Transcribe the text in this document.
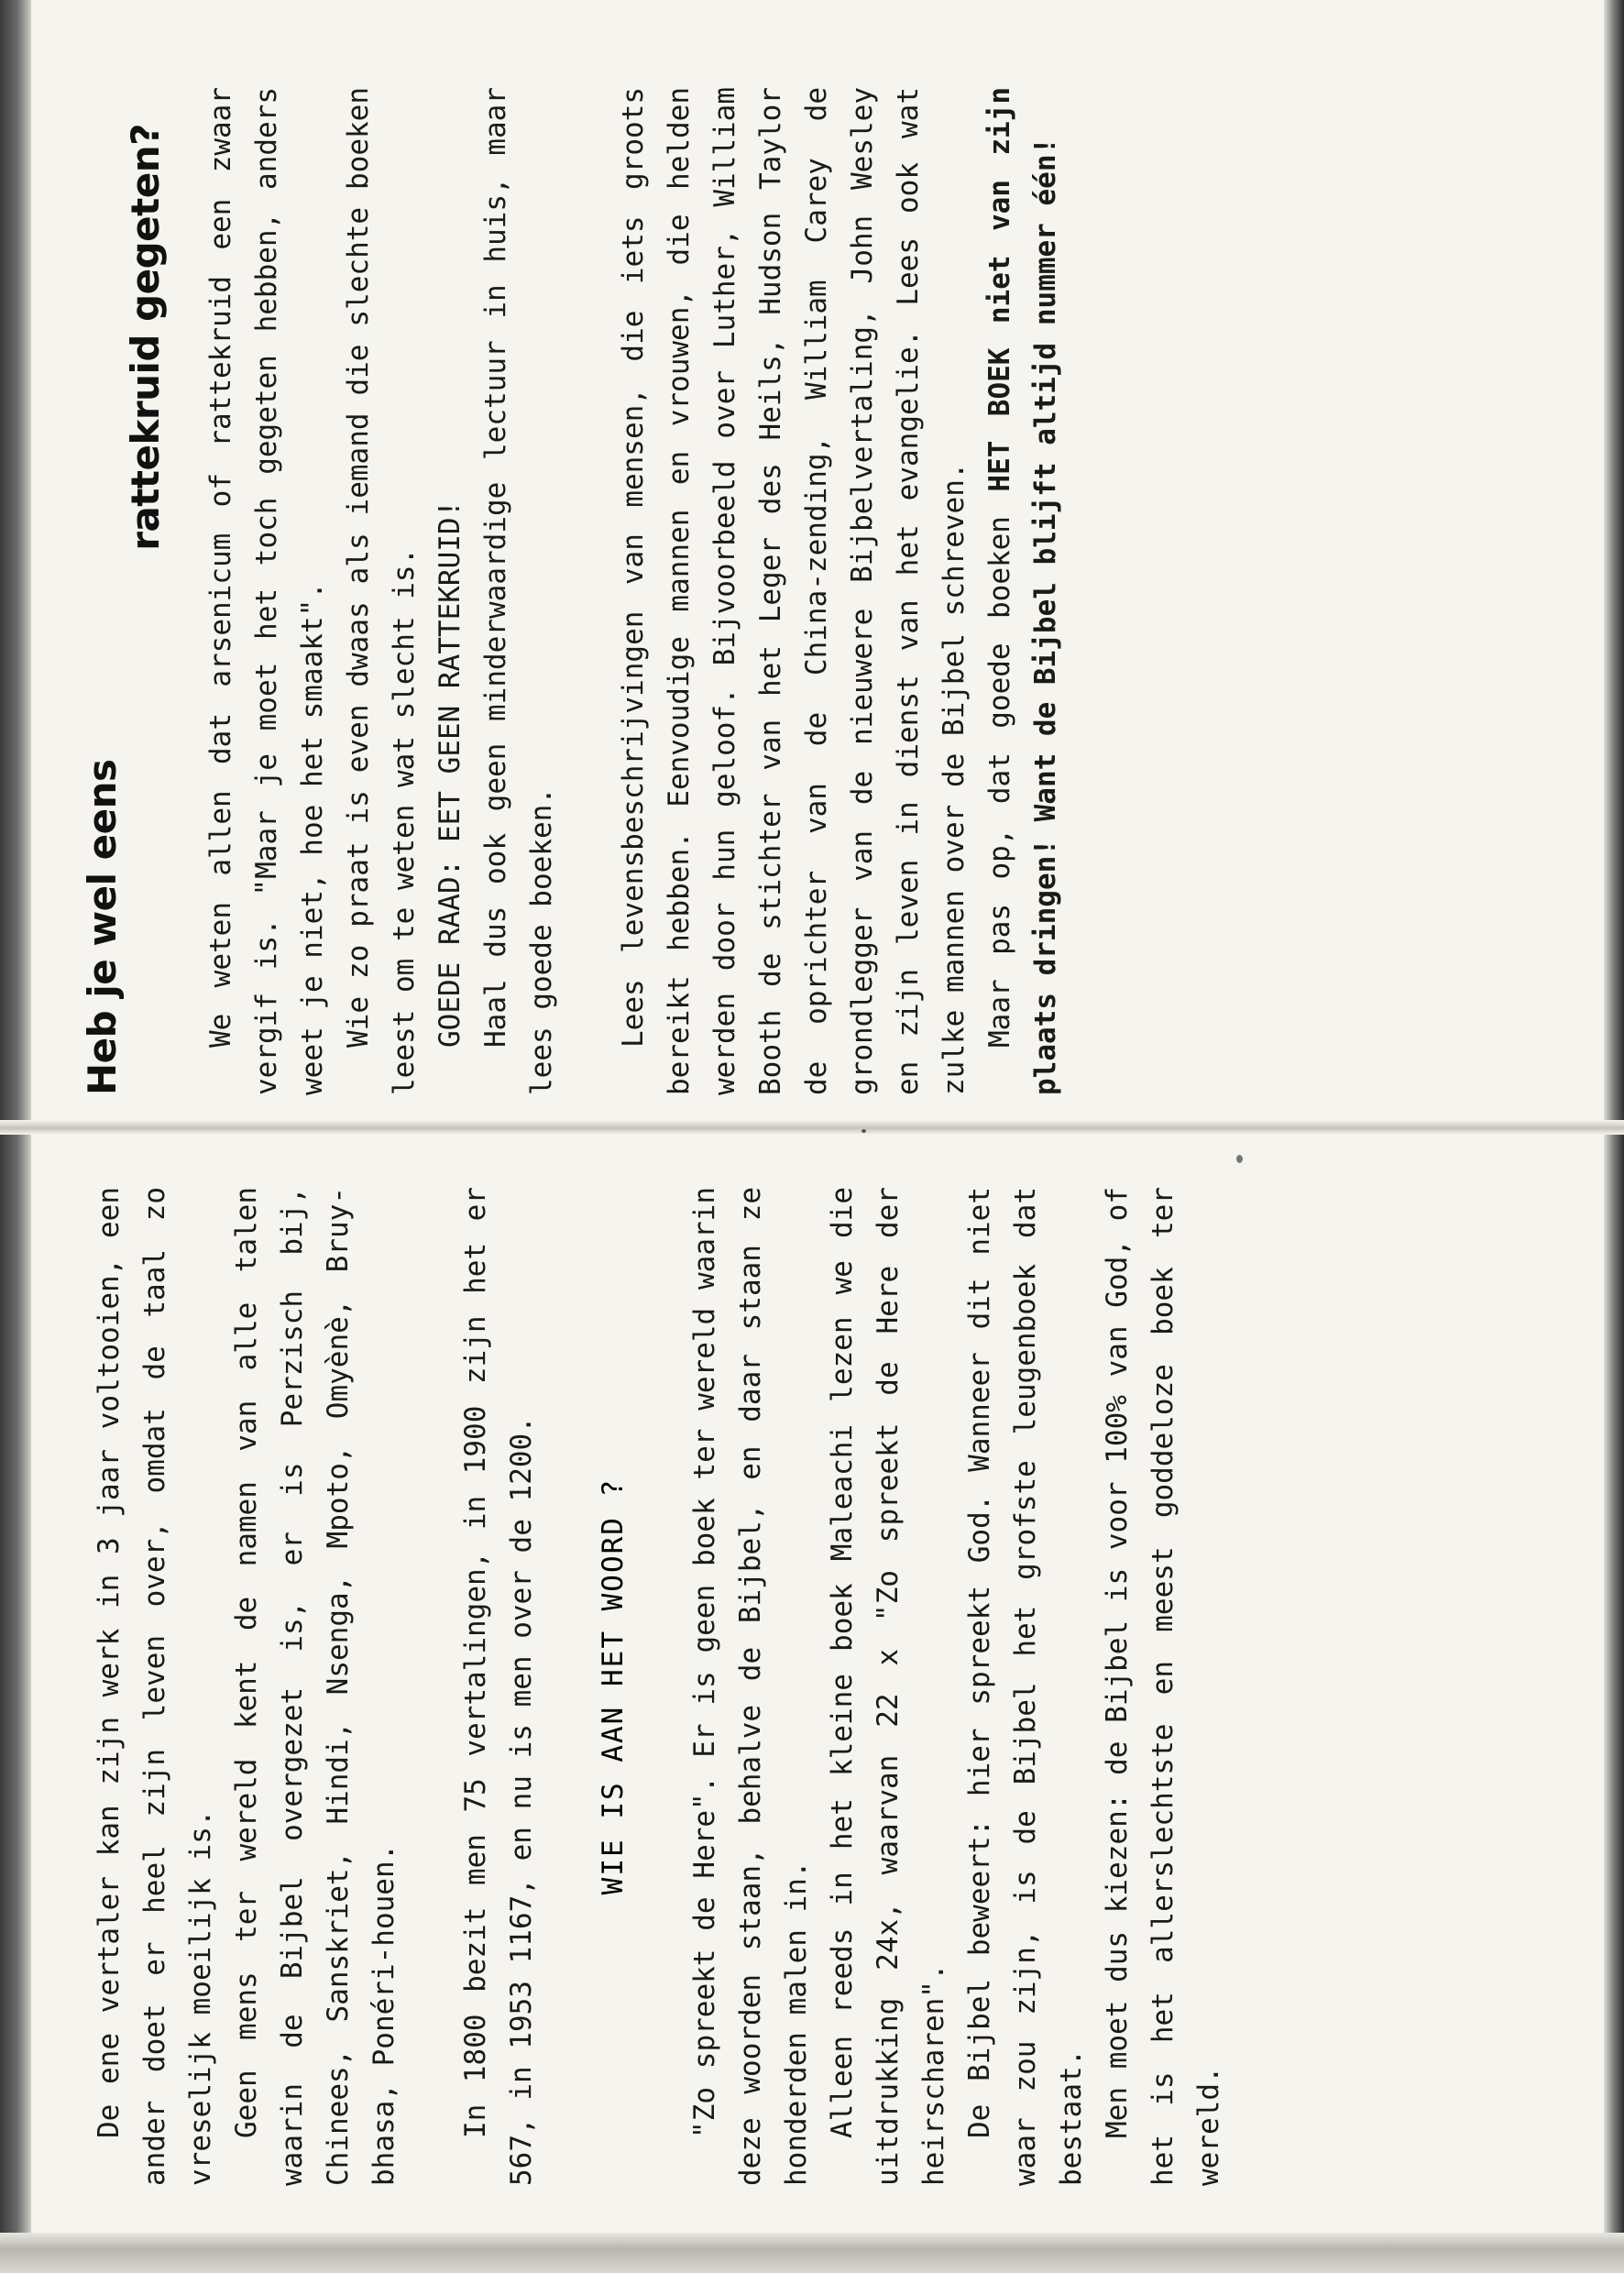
Heb je wel eens
rattekruid gegeten? We weten allen dat arsenicum of rattekruid een zwaar vergif is. "Maar je moet het toch gegeten hebben, anders weet je niet, hoe het smaakt". Wie zo praat is even dwaas als iemand die slechte boeken leest om te weten wat slecht is. GOEDE RAAD: EET GEEN RATTEKRUID! Haal dus ook geen minderwaardige lectuur in huis, maar lees goede boeken. Lees levensbeschrijvingen van mensen, die iets groots bereikt hebben. Eenvoudige mannen en vrouwen, die helden werden door hun geloof. Bijvoorbeeld over Luther, William Booth de stichter van het Leger des Heils, Hudson Taylor de oprichter van de China-zending, William Carey de grondlegger van de nieuwere Bijbelvertaling, John Wesley en zijn leven in dienst van het evangelie. Lees ook wat zulke mannen over de Bijbel schreven. Maar pas op, dat goede boeken HET BOEK niet van zijn plaats dringen! Want de Bijbel blijft altijd nummer één!

De ene vertaler kan zijn werk in 3 jaar voltooien, een ander doet er heel zijn leven over, omdat de taal zo vreselijk moeilijk is. Geen mens ter wereld kent de namen van alle talen waarin de Bijbel overgezet is, er is Perzisch bij, Chinees, Sanskriet, Hindi, Nsenga, Mpoto, Omyènè, Bruy-bhasa, Ponéri-houen. In 1800 bezit men 75 vertalingen, in 1900 zijn het er 567, in 1953 1167, en nu is men over de 1200. WIE IS AAN HET WOORD ? "Zo spreekt de Here". Er is geen boek ter wereld waarin deze woorden staan, behalve de Bijbel, en daar staan ze honderden malen in. Alleen reeds in het kleine boek Maleachi lezen we die uitdrukking 24x, waarvan 22 x "Zo spreekt de Here der heirscharen". De Bijbel beweert: hier spreekt God. Wanneer dit niet waar zou zijn, is de Bijbel het grofste leugenboek dat bestaat. Men moet dus kiezen: de Bijbel is voor 100% van God, of het is het allerslechtste en meest goddeloze boek ter wereld.
